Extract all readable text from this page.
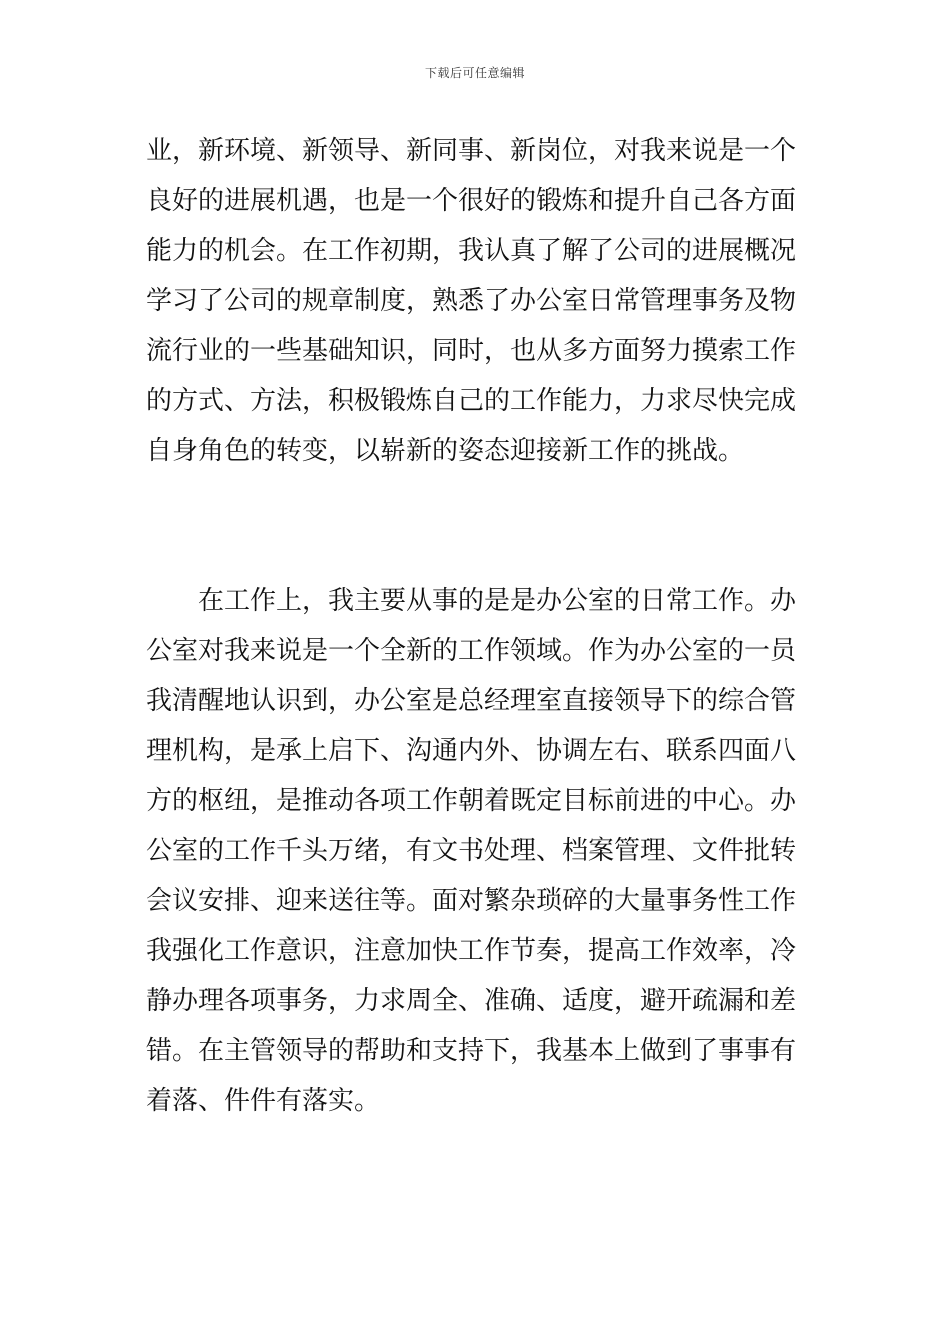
下载后可任意编辑
业，新环境、新领导、新同事、新岗位，对我来说是一个
良好的进展机遇，也是一个很好的锻炼和提升自己各方面
能力的机会。在工作初期，我认真了解了公司的进展概况
学习了公司的规章制度，熟悉了办公室日常管理事务及物
流行业的一些基础知识，同时，也从多方面努力摸索工作
的方式、方法，积极锻炼自己的工作能力，力求尽快完成
自身角色的转变，以崭新的姿态迎接新工作的挑战。
　　在工作上，我主要从事的是是办公室的日常工作。办
公室对我来说是一个全新的工作领域。作为办公室的一员
我清醒地认识到，办公室是总经理室直接领导下的综合管
理机构，是承上启下、沟通内外、协调左右、联系四面八
方的枢纽，是推动各项工作朝着既定目标前进的中心。办
公室的工作千头万绪，有文书处理、档案管理、文件批转
会议安排、迎来送往等。面对繁杂琐碎的大量事务性工作
我强化工作意识，注意加快工作节奏，提高工作效率，冷
静办理各项事务，力求周全、准确、适度，避开疏漏和差
错。在主管领导的帮助和支持下，我基本上做到了事事有
着落、件件有落实。
